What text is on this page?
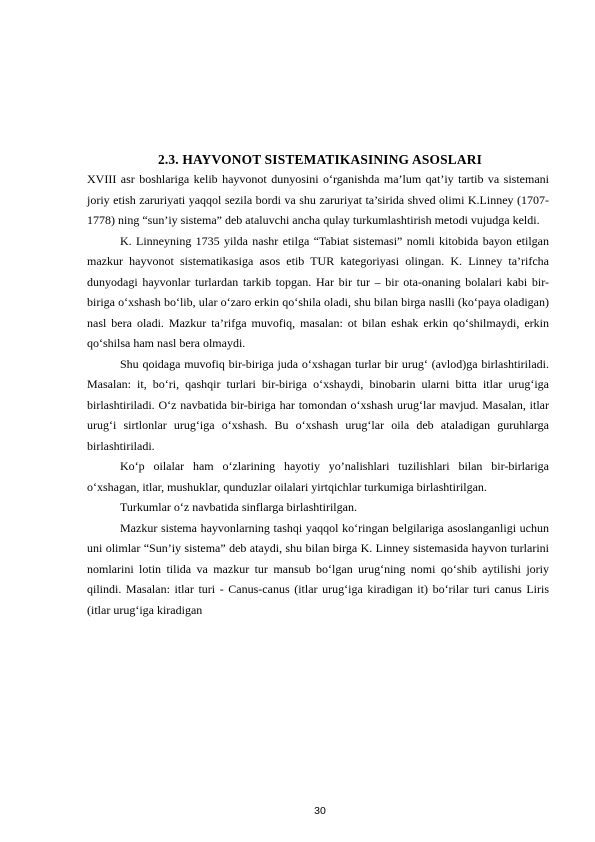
2.3. HAYVONOT SISTEMATIKASINING ASOSLARI

XVIII asr boshlariga kelib hayvonot dunyosini o‘rganishda ma’lum qat’iy tartib va sistemani joriy etish zaruriyati yaqqol sezila bordi va shu zaruriyat ta’sirida shved olimi K.Linney (1707-1778) ning “sun’iy sistema” deb ataluvchi ancha qulay turkumlashtirish metodi vujudga keldi.

K. Linneyning 1735 yilda nashr etilga “Tabiat sistemasi” nomli kitobida bayon etilgan mazkur hayvonot sistematikasiga asos etib TUR kategoriyasi olingan. K. Linney ta’rifcha dunyodagi hayvonlar turlardan tarkib topgan. Har bir tur – bir ota-onaning bolalari kabi bir-biriga o‘xshash bo‘lib, ular o‘zaro erkin qo‘shila oladi, shu bilan birga naslli (ko‘paya oladigan) nasl bera oladi. Mazkur ta’rifga muvofiq, masalan: ot bilan eshak erkin qo‘shilmaydi, erkin qo‘shilsa ham nasl bera olmaydi.

Shu qoidaga muvofiq bir-biriga juda o‘xshagan turlar bir urug‘ (avlod)ga birlashtiriladi. Masalan: it, bo‘ri, qashqir turlari bir-biriga o‘xshaydi, binobarin ularni bitta itlar urug‘iga birlashtiriladi. O‘z navbatida bir-biriga har tomondan o‘xshash urug‘lar mavjud. Masalan, itlar urug‘i sirtlonlar urug‘iga o‘xshash. Bu o‘xshash urug‘lar oila deb ataladigan guruhlarga birlashtiriladi.

Ko‘p oilalar ham o‘zlarining hayotiy yo’nalishlari tuzilishlari bilan bir-birlariga o‘xshagan, itlar, mushuklar, qunduzlar oilalari yirtqichlar turkumiga birlashtirilgan.

Turkumlar o‘z navbatida sinflarga birlashtirilgan.

Mazkur sistema hayvonlarning tashqi yaqqol ko‘ringan belgilariga asoslanganligi uchun uni olimlar “Sun’iy sistema” deb ataydi, shu bilan birga K. Linney sistemasida hayvon turlarini nomlarini lotin tilida va mazkur tur mansub bo‘lgan urug‘ning nomi qo‘shib aytilishi joriy qilindi. Masalan: itlar turi - Canus-canus (itlar urug‘iga kiradigan it) bo‘rilar turi canus Liris (itlar urug‘iga kiradigan

30
